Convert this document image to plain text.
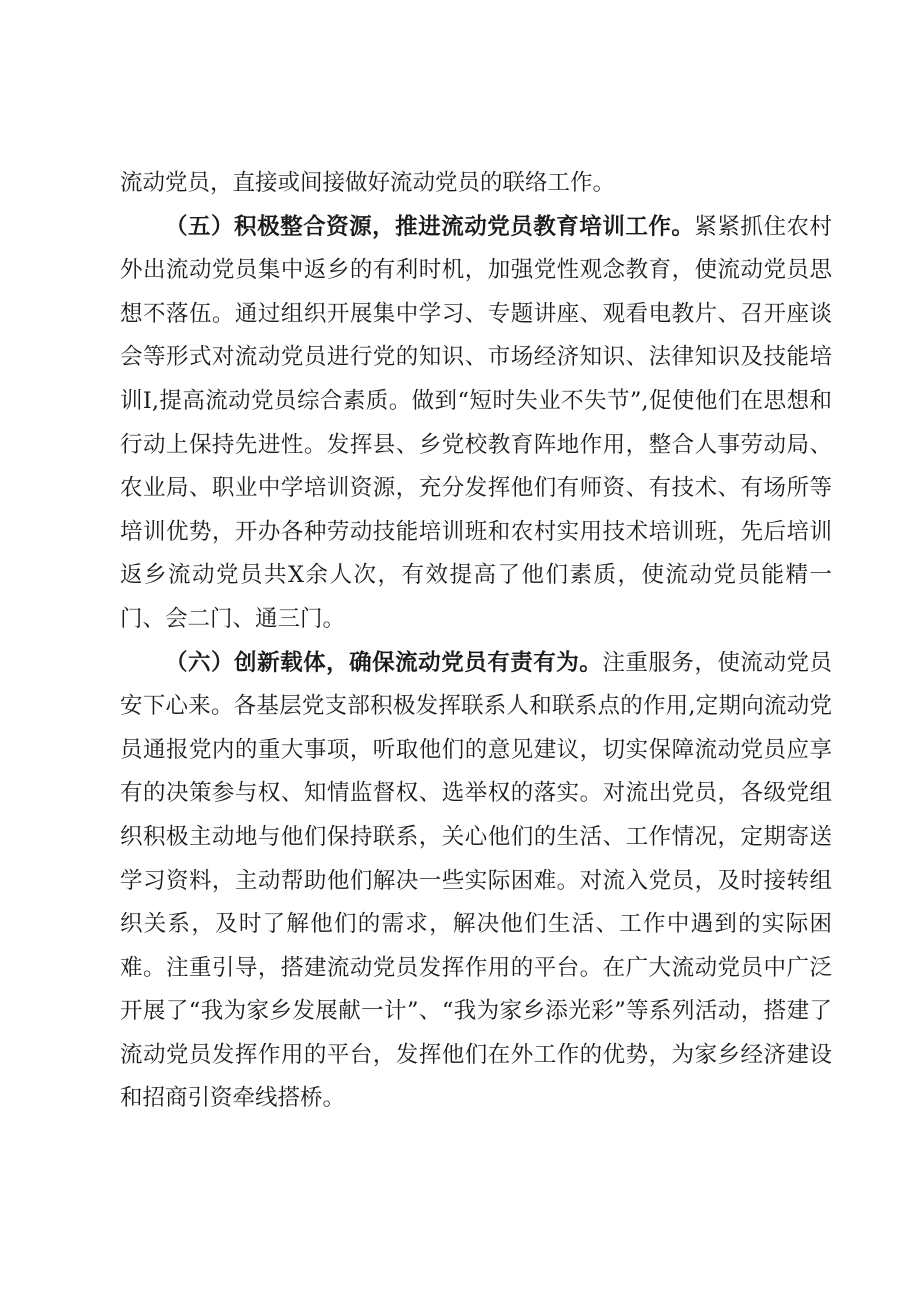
流动党员，直接或间接做好流动党员的联络工作。

（五）积极整合资源，推进流动党员教育培训工作。紧紧抓住农村外出流动党员集中返乡的有利时机，加强党性观念教育，使流动党员思想不落伍。通过组织开展集中学习、专题讲座、观看电教片、召开座谈会等形式对流动党员进行党的知识、市场经济知识、法律知识及技能培训I,提高流动党员综合素质。做到“短时失业不失节”,促使他们在思想和行动上保持先进性。发挥县、乡党校教育阵地作用，整合人事劳动局、农业局、职业中学培训资源，充分发挥他们有师资、有技术、有场所等培训优势，开办各种劳动技能培训班和农村实用技术培训班，先后培训返乡流动党员共X余人次，有效提高了他们素质，使流动党员能精一门、会二门、通三门。

（六）创新载体，确保流动党员有责有为。注重服务，使流动党员安下心来。各基层党支部积极发挥联系人和联系点的作用,定期向流动党员通报党内的重大事项，听取他们的意见建议，切实保障流动党员应享有的决策参与权、知情监督权、选举权的落实。对流出党员，各级党组织积极主动地与他们保持联系，关心他们的生活、工作情况，定期寄送学习资料，主动帮助他们解决一些实际困难。对流入党员，及时接转组织关系，及时了解他们的需求，解决他们生活、工作中遇到的实际困难。注重引导，搭建流动党员发挥作用的平台。在广大流动党员中广泛开展了“我为家乡发展献一计”、“我为家乡添光彩”等系列活动，搭建了流动党员发挥作用的平台，发挥他们在外工作的优势，为家乡经济建设和招商引资牵线搭桥。
